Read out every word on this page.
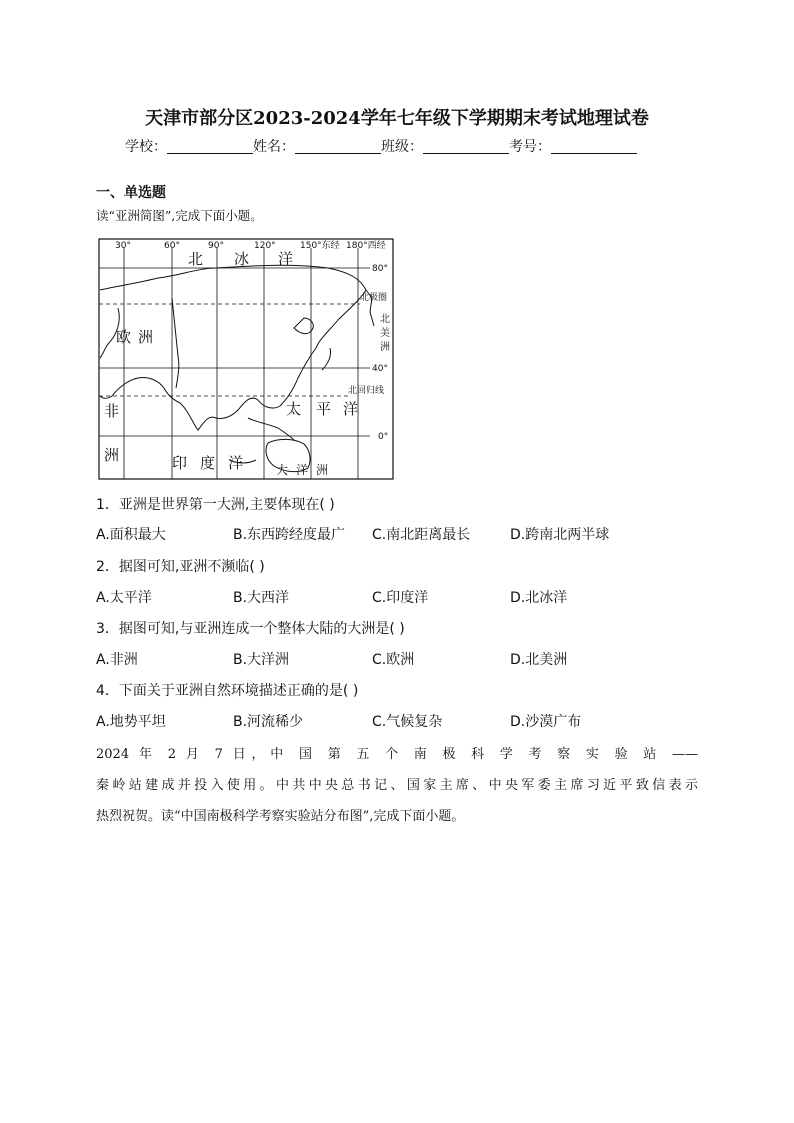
天津市部分区2023-2024学年七年级下学期期末考试地理试卷
学校：	姓名：	班级：	考号：
一、单选题
读“亚洲简图”,完成下面小题。
30°	60°	90°	120°	150°东经 180°西经
80°
北极圈
40°
北回归线
0°
北 冰 洋
太 平 洋
印 度 洋
欧 洲
非
洲
大 洋 洲
北
美
洲
1．亚洲是世界第一大洲,主要体现在( )
A.面积最大	B.东西跨经度最广 C.南北距离最长	D.跨南北两半球
2．据图可知,亚洲不濒临( )
A.太平洋	B.大西洋	C.印度洋	D.北冰洋
3．据图可知,与亚洲连成一个整体大陆的大洲是( )
A.非洲	B.大洋洲	C.欧洲	D.北美洲
4．下面关于亚洲自然环境描述正确的是( )
A.地势平坦	B.河流稀少	C.气候复杂	D.沙漠广布
2024 年 2 月 7 日，中 国 第 五 个 南 极 科 学 考 察 实 验 站 ——
秦岭站建成并投入使用。中共中央总书记、国家主席、中央军委主席习近平致信表示
热烈祝贺。读“中国南极科学考察实验站分布图”,完成下面小题。
